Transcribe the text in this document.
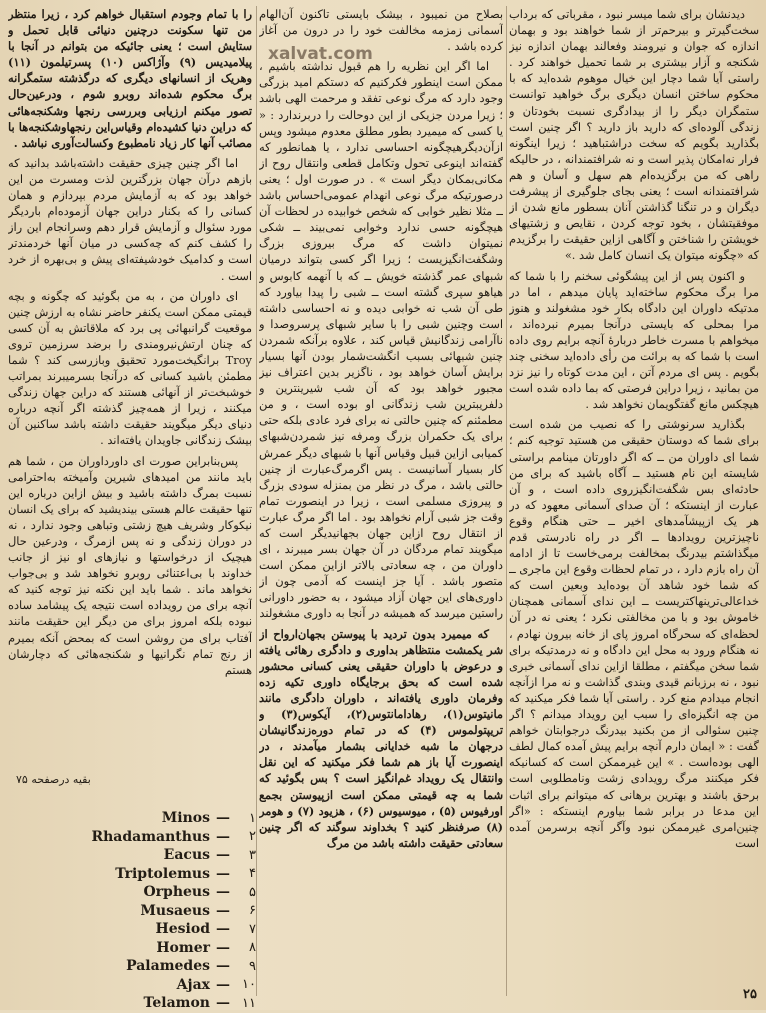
دیدنشان برای شما میسر نبود ، مقرباتی که برداب سخت‌گیرتر و بیرحم‌تر از شما خواهند بود و بهمان اندازه که جوان و نیرومند وفعالند بهمان اندازه نیز شکنجه و آزار بیشتری بر شما تحمیل خواهند کرد . راستی آیا شما دچار این خیال موهوم شده‌اید که با محکوم ساختن انسان دیگری برگ خواهید توانست ستمگران دیگر را از بیدادگری نسبت بخودتان و زندگی آلوده‌ای که دارید باز دارید ؟ اگر چنین است بگذارید بگویم که سخت دراشتباهید ؛ زیرا اینگونه فرار نه‌امکان پذیر است و نه شرافتمندانه ، در حالیکه راهی که من برگزیده‌ام هم سهل و آسان و هم شرافتمندانه است ؛ یعنی بجای جلوگیری از پیشرفت دیگران و در تنگنا گذاشتن آنان بسطور مانع شدن از موفقیتشان ، بخود توجه کردن ، نقایص و زشتیهای خویشتن را شناختن و آگاهی ازاین حقیقت را برگزیدم که «چگونه میتوان یک انسان کامل شد .»

و اکنون پس از این پیشگوئی سخنم را با شما که مرا برگ محکوم ساخته‌اید پایان میدهم ، اما در مدتیکه داوران این دادگاه بکار خود مشغولند و هنوز مرا بمحلی که بایستی درآنجا بمیرم نبرده‌اند ، میخواهم با مسرت خاطر دربارهٔ آنچه برایم روی داده است با شما که به برائت من رأی داده‌اید سخنی چند بگویم . پس ای مردم آتن ، این مدت کوتاه را نیز نزد من بمانید ، زیرا دراین فرصتی که بما داده شده است هیچکس مانع گفتگویمان نخواهد شد .

بگذارید سرنوشتی را که نصیب من شده است برای شما که دوستان حقیقی من هستید توجیه کنم ؛ شما ای داوران من ــ که اگر داورتان مینامم براستی شایسته این نام هستید ــ آگاه باشید که برای من حادثه‌ای بس شگفت‌انگیزروی داده است ، و آن عبارت از اینستکه ؛ آن صدای آسمانی معهود که در هر یک ازپیشآمدهای اخیر ــ حتی هنگام وقوع ناچیزترین رویدادها ــ اگر در راه نادرستی قدم میگذاشتم بیدرنگ بمخالفت برمی‌خاست تا از ادامه آن راه بازم دارد ، در تمام لحظات وقوع این ماجری ــ که شما خود شاهد آن بوده‌اید وبعین است که خداعالی‌ترینهاکتریست ــ این ندای آسمانی همچنان خاموش بود و با من مخالفتی نکرد ؛ یعنی نه در آن لحظه‌ای که سحرگاه امروز پای از خانه بیرون نهادم ، نه هنگام ورود به محل این دادگاه و نه درمدتیکه برای شما سخن میگفتم ، مطلقا ازاین ندای آسمانی خبری نبود ، نه برزبانم قیدی وبندی گذاشت و نه مرا ازآنچه انجام میدادم منع کرد . راستی آیا شما فکر میکنید که من چه انگیزه‌ای را سبب این رویداد میدانم ؟ اگر چنین سئوالی از من بکنید بیدرنگ درجوابتان خواهم گفت : « ایمان دارم آنچه برایم پیش آمده کمال لطف الهی بوده‌است . » این غیرممکن است که کسانیکه فکر میکنند مرگ رویدادی زشت ونامطلوبی است برحق باشند و بهترین برهانی که میتوانم برای اثبات این مدعا در برابر شما بیاورم اینستکه : «اگر چنین‌امری غیرممکن نبود وآگر آنچه برسرمن آمده است

بصلاح من نمیبود ، بیشک بایستی تاکنون آن‌الهام آسمانی زمزمه مخالفت خود را در درون من آغاز کرده باشد .

اما اگر این نظریه را هم قبول نداشته باشیم ، ممکن است اینطور فکرکنیم که دستکم امید بزرگی وجود دارد که مرگ نوعی تفقد و مرحمت الهی باشد ؛ زیرا مردن جزیکی از این دوحالت را دربرندارد : « یا کسی که میمیرد بطور مطلق معدوم میشود وپس ازآن‌دیگرهیچگونه احساسی ندارد ، یا همانطور که گفته‌اند اینوعی تحول وتکامل قطعی وانتقال روح از مکانی‌بمکان دیگر است » . در صورت اول ؛ یعنی درصورتیکه مرگ نوعی انهدام عمومی‌احساس باشد ــ مثلا نظیر خوابی که شخص خوابیده در لحظات آن هیچگونه حسی ندارد وخوابی نمی‌بیند ــ شکی نمیتوان داشت که مرگ بیروزی بزرگ وشگفت‌انگیزیست ؛ زیرا اگر کسی بتواند درمیان شبهای عمر گذشته خویش ــ که با آنهمه کابوس و هیاهو سپری گشته است ــ شبی را پیدا بیاورد که طی آن شب نه خوابی دیده و نه احساسی داشته است وچنین شبی را با سایر شبهای پرسروصدا و ناآرامی زندگانیش قیاس کند ، علاوه برآنکه شمردن چنین شبهائی بسبب انگشت‌شمار بودن آنها بسیار برایش آسان خواهد بود ، ناگزیر بدین اعتراف نیز مجبور خواهد بود که آن شب شیرینترین و دلفریبترین شب زندگانی او بوده است ، و من مطمئنم که چنین حالتی نه برای فرد عادی بلکه حتی برای یک حکمران بزرگ ومرفه نیز شمردن‌شبهای کمیابی ازاین قبیل وقیاس آنها با شبهای دیگر عمرش کار بسیار آسانیست . پس اگرمرگ‌عبارت از چنین حالتی باشد ، مرگ در نظر من بمنزله سودی بزرگ و پیروزی مسلمی است ، زیرا در اینصورت تمام وقت جز شبی آرام نخواهد بود . اما اگر مرگ عبارت از انتقال روح ازاین جهان بجهانیدیگر است که میگویند تمام مردگان در آن جهان بسر میبرند ، ای داوران من ، چه سعادتی بالاتر ازاین ممکن است متصور باشد . آیا جز اینست که آدمی چون از داوری‌های این جهان آزاد میشود ، به حضور داورانی راستین میرسد که همیشه در آنجا به داوری مشغولند

که میمیرد بدون تردید با پیوستن بجهان‌ارواح از شر یکمشت منتظاهر بداوری و دادگری رهائی یافته و درعوض با داوران حقیقی یعنی کسانی محشور شده است که بحق برجایگاه داوری تکیه زده وفرمان داوری یافته‌اند ، داوران دادگری مانند مانیتوس(۱)، رهادامانتوس(۲)، آیکوس(۳) و تریپتولموس (۴) که در تمام دوره‌زندگانیشان درجهان ما شبه خدایانی بشمار میآمدند ، در اینصورت آیا باز هم شما فکر میکنید که این نقل وانتقال یک رویداد غم‌انگیز است ؟ بس بگوئید که شما به چه قیمتی ممکن است ازپیوستن بجمع اورفیوس (۵) ، میوسیوس (۶) ، هزیود (۷) و هومر (۸) صرفنظر کنید ؟ بخداوند سوگند که اگر چنین سعادتی حقیقت داشته باشد من مرگ

xalvat.com

را با تمام وجودم استقبال خواهم کرد ، زیرا منتظر من تنها سکونت درچنین دنیائی قابل تحمل و ستایش است ؛ یعنی جائیکه من بتوانم در آنجا با پیلامیدیس (۹) وآژاکس (۱۰) پسرتیلمون (۱۱) وهریک از انسانهای دیگری که درگذشته ستمگرانه برگ محکوم شده‌اند روبرو شوم ، ودرعین‌حال تصور میکنم ارزیابی وبررسی رنجها وشکنجه‌هائی که دراین دنیا کشیده‌ام وقیاس‌این رنجهاوشکنجه‌ها با مصائب آنها کار زیاد نامطبوع وکسالت‌آوری نباشد .

اما اگر چنین چیزی حقیقت داشته‌باشد بدانید که بازهم درآن جهان بزرگترین لذت ومسرت من این خواهد بود که به آزمایش مردم بپردازم و همان کسانی را که بکنار دراین جهان آزموده‌ام باردیگر مورد سئوال و آزمایش قرار دهم وسرانجام این راز را کشف کنم که چه‌کسی در میان آنها خردمندتر است و کدامیک خودشیفته‌ای پیش و بی‌بهره از خرد است .

ای داوران من ، به من بگوئید که چگونه و بچه قیمتی ممکن است یکنفر حاضر نشاه به ارزش چنین موقعیت گرانبهائی پی برد که ملاقاتش به آن کسی که چنان ارتش‌نیرومندی را برضد سرزمین تروی Troy برانگیخت‌مورد تحقیق وبازرسی کند ؟ شما مطمئن باشید کسانی که درآنجا بسرمیبرند بمراتب خوشبخت‌تر از آنهائی هستند که دراین جهان زندگی میکنند ، زیرا از همه‌چیز گذشته اگر آنچه درباره دنیای دیگر میگویند حقیقت داشته باشد ساکنین آن بیشک زندگانی جاویدان یافته‌اند .

پس‌بنابراین صورت ای داورداوران من ، شما هم باید مانند من امیدهای شیرین وآمیخته به‌احترامی نسبت بمرگ داشته باشید و بیش ازاین درباره این تنها حقیقت عالم هستی بیندیشید که برای یک انسان نیکوکار وشریف هیچ زشتی وتباهی وجود ندارد ، نه در دوران زندگی و نه پس ازمرگ ، ودرعین حال هیچیک از درخواستها و نیازهای او نیز از جانب خداوند با بی‌اعتنائی روبرو نخواهد شد و بی‌جواب نخواهد ماند . شما باید این نکته نیز توجه کنید که آنچه برای من رویداده است نتیجه یک پیشامد ساده نبوده بلکه امروز برای من دیگر این حقیقت مانند آفتاب برای من روشن است که بمحض آنکه بمیرم از رنج تمام نگرانیها و شکنجه‌هائی که دچارشان هستم

بقیه درصفحه ۷۵
Minos —	۱
Rhadamanthus —	۲
Eacus —	۳
Triptolemus —	۴
Orpheus —	۵
Musaeus —	۶
Hesiod —	۷
Homer —	۸
Palamedes —	۹
Ajax — ۱۰
Telamon — ۱۱
۲۵
